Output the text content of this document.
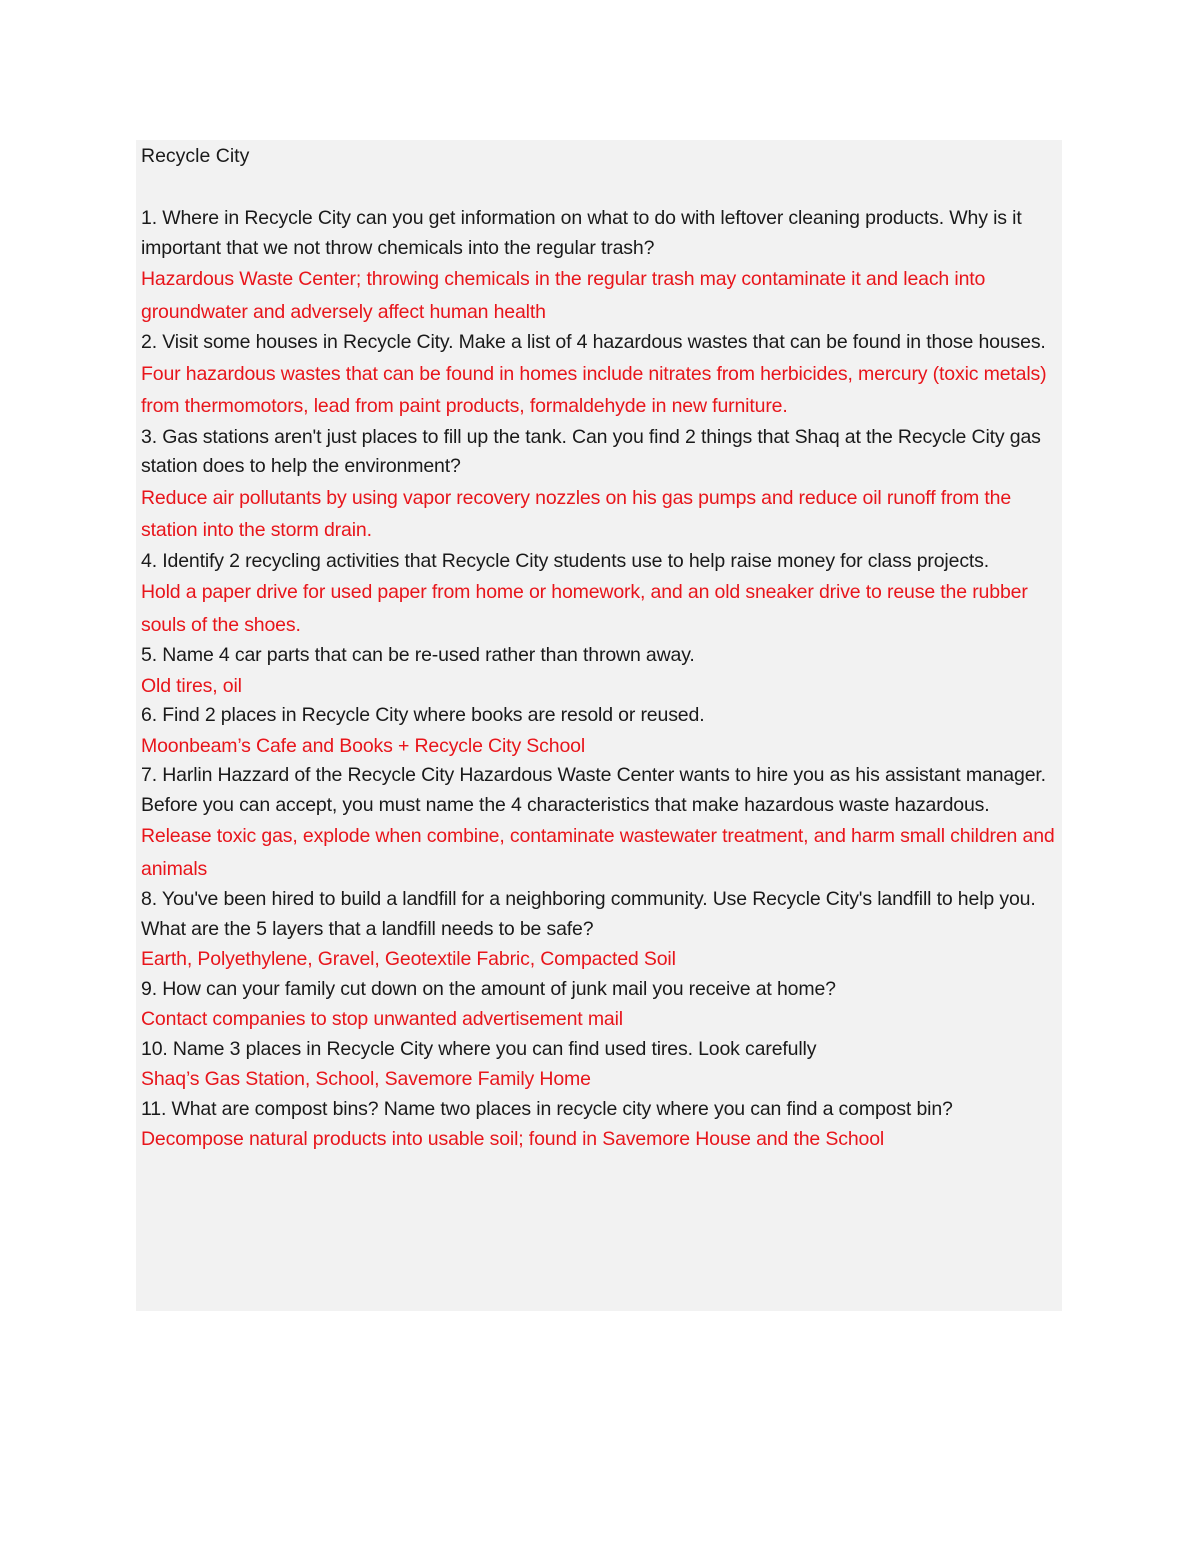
Recycle City

1. Where in Recycle City can you get information on what to do with leftover cleaning products. Why is it important that we not throw chemicals into the regular trash?

Hazardous Waste Center; throwing chemicals in the regular trash may contaminate it and leach into groundwater and adversely affect human health

2. Visit some houses in Recycle City. Make a list of 4 hazardous wastes that can be found in those houses.

Four hazardous wastes that can be found in homes include nitrates from herbicides, mercury (toxic metals) from thermomotors, lead from paint products, formaldehyde in new furniture.

3. Gas stations aren't just places to fill up the tank. Can you find 2 things that Shaq at the Recycle City gas station does to help the environment?

Reduce air pollutants by using vapor recovery nozzles on his gas pumps and reduce oil runoff from the station into the storm drain.

4. Identify 2 recycling activities that Recycle City students use to help raise money for class projects.

Hold a paper drive for used paper from home or homework, and an old sneaker drive to reuse the rubber souls of the shoes.

5. Name 4 car parts that can be re-used rather than thrown away.

Old tires, oil

6. Find 2 places in Recycle City where books are resold or reused.

Moonbeam’s Cafe and Books + Recycle City School

7. Harlin Hazzard of the Recycle City Hazardous Waste Center wants to hire you as his assistant manager. Before you can accept, you must name the 4 characteristics that make hazardous waste hazardous.

Release toxic gas, explode when combine, contaminate wastewater treatment, and harm small children and animals

8. You've been hired to build a landfill for a neighboring community. Use Recycle City's landfill to help you. What are the 5 layers that a landfill needs to be safe?

Earth, Polyethylene, Gravel, Geotextile Fabric, Compacted Soil

9. How can your family cut down on the amount of junk mail you receive at home?

Contact companies to stop unwanted advertisement mail

10. Name 3 places in Recycle City where you can find used tires. Look carefully

Shaq’s Gas Station, School, Savemore Family Home

11. What are compost bins? Name two places in recycle city where you can find a compost bin?

Decompose natural products into usable soil; found in Savemore House and the School
